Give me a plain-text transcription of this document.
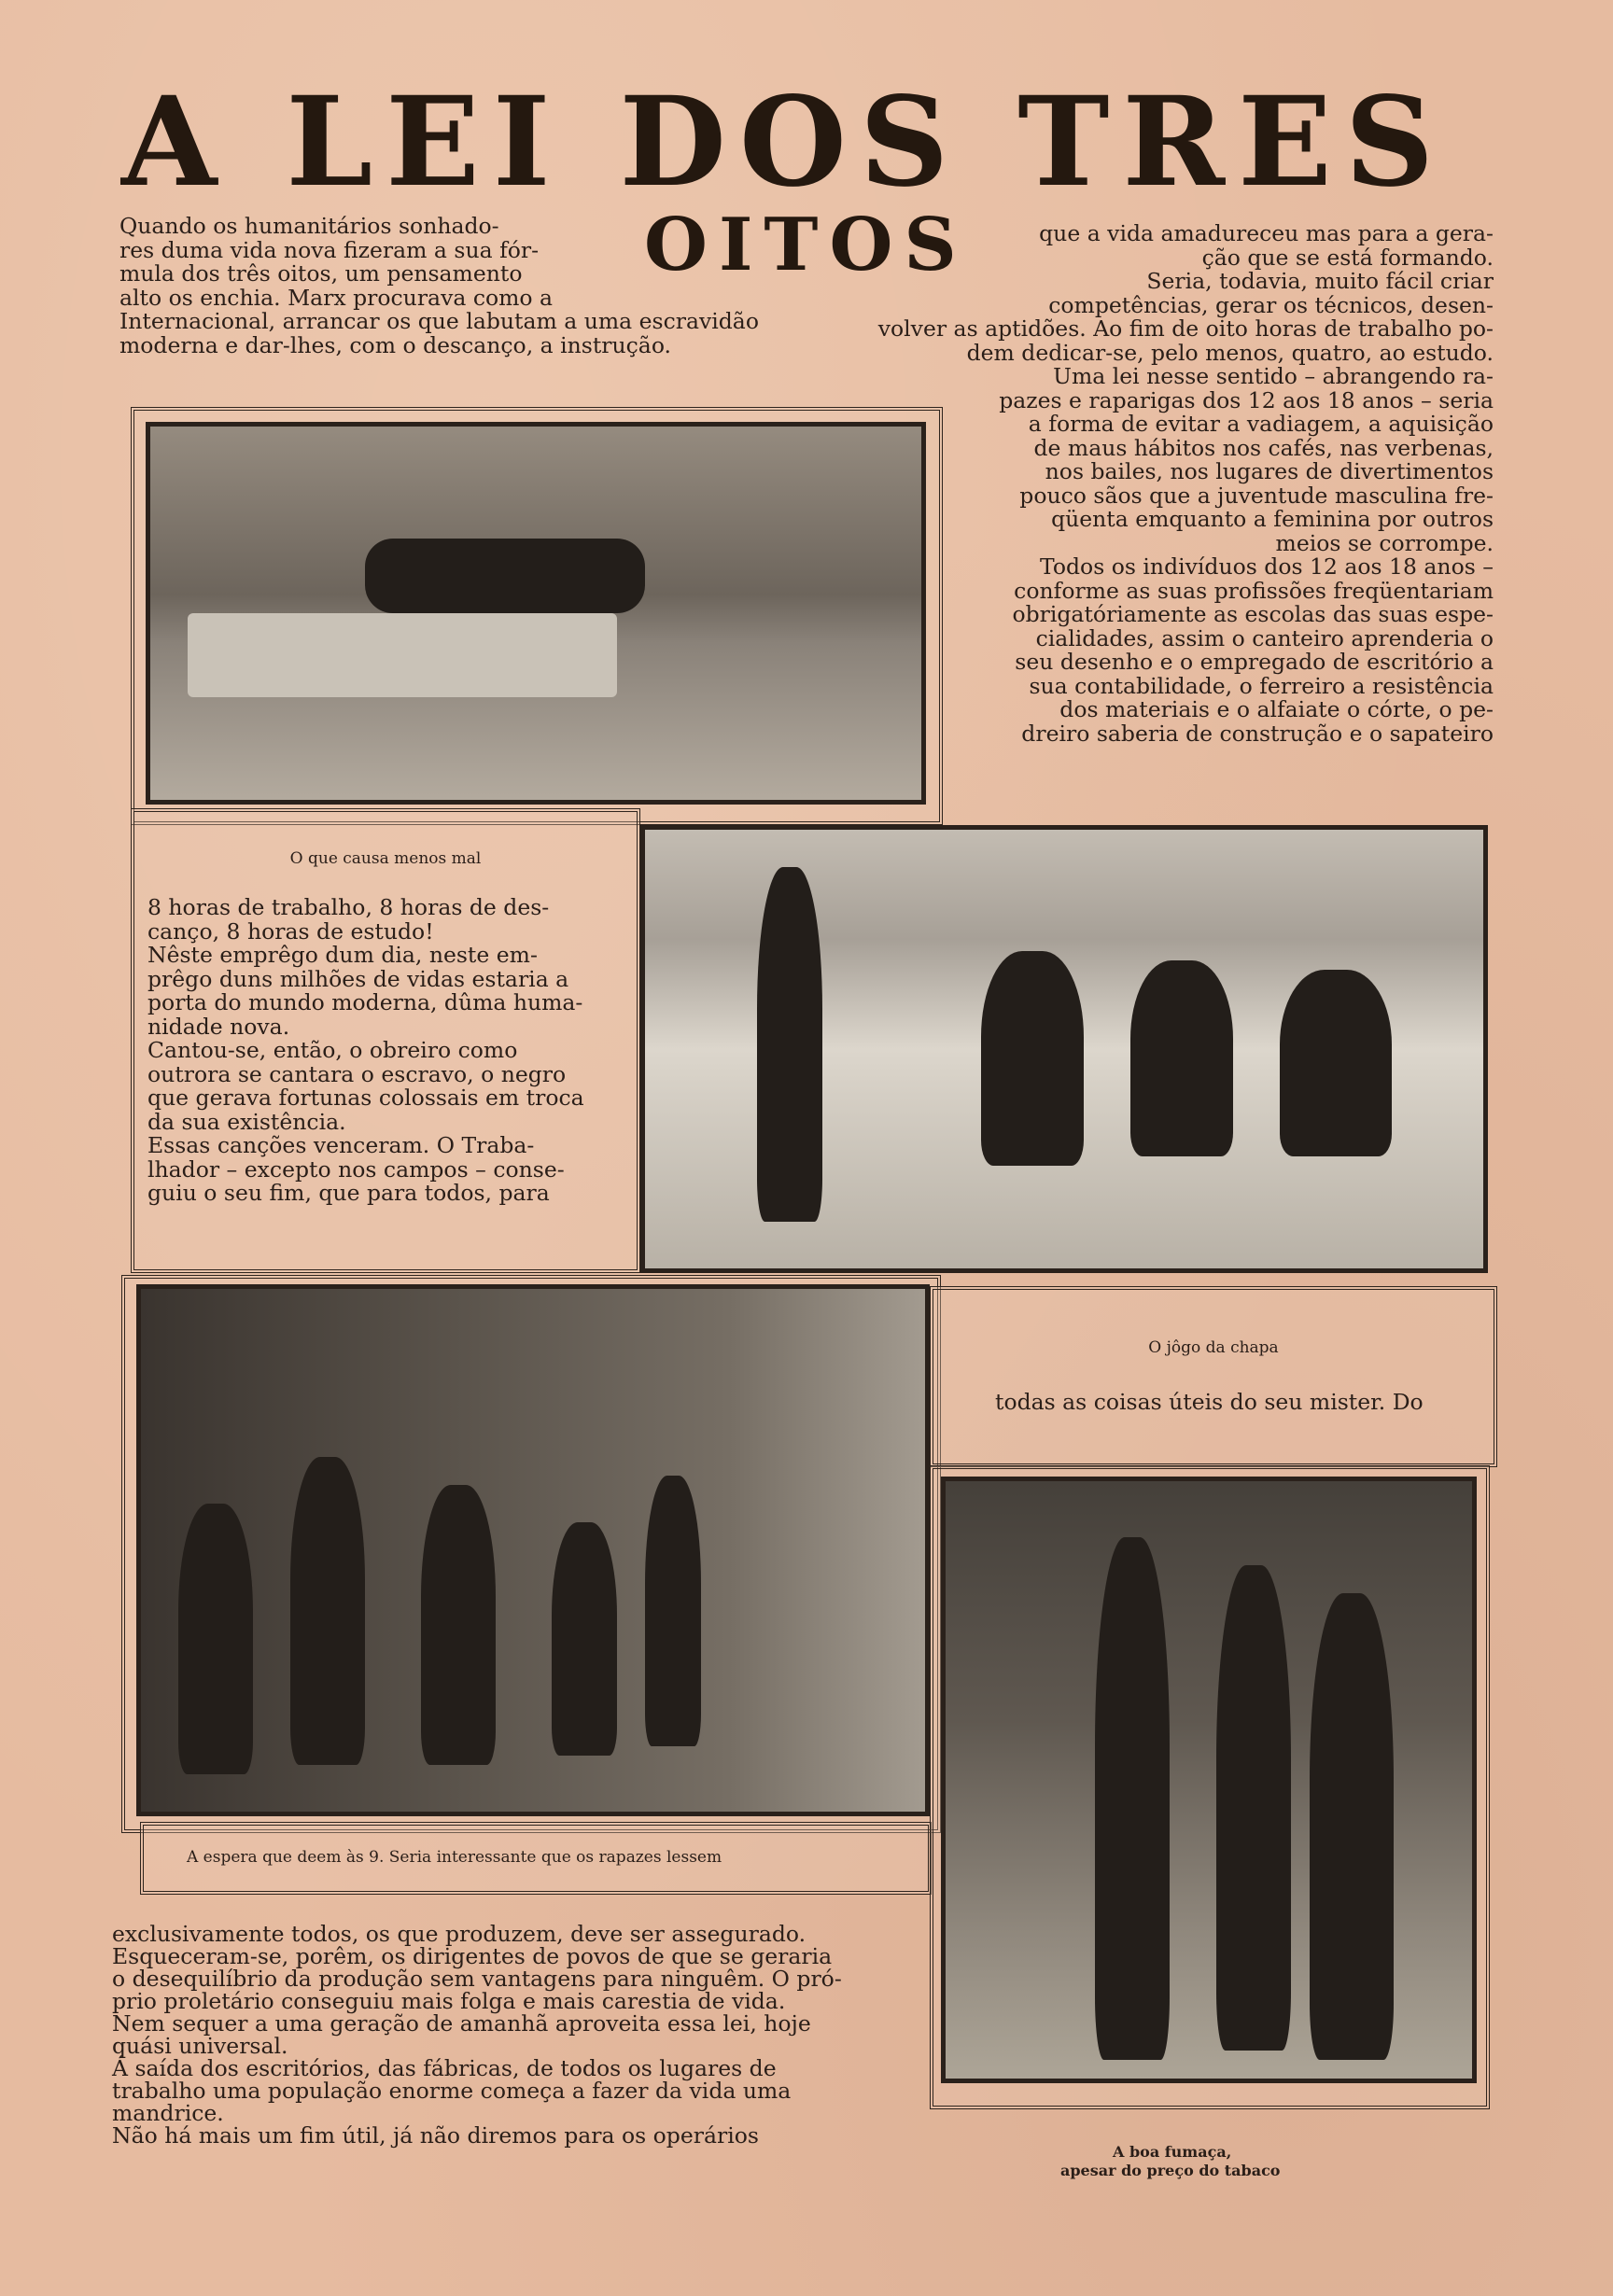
A LEI DOS TRES
OITOS
Quando os humanitários sonhado-
res duma vida nova fizeram a sua fór-
mula dos três oitos, um pensamento
alto os enchia. Marx procurava como a
Internacional, arrancar os que labutam a uma escravidão
moderna e dar-lhes, com o descanço, a instrução.
que a vida amadureceu mas para a gera-
ção que se está formando.
Seria, todavia, muito fácil criar
competências, gerar os técnicos, desen-
volver as aptidões. Ao fim de oito horas de trabalho po-
dem dedicar-se, pelo menos, quatro, ao estudo.
Uma lei nesse sentido – abrangendo ra-
pazes e raparigas dos 12 aos 18 anos – seria
a forma de evitar a vadiagem, a aquisição
de maus hábitos nos cafés, nas verbenas,
nos bailes, nos lugares de divertimentos
pouco sãos que a juventude masculina fre-
qüenta emquanto a feminina por outros
meios se corrompe.
Todos os indivíduos dos 12 aos 18 anos –
conforme as suas profissões freqüentariam
obrigatóriamente as escolas das suas espe-
cialidades, assim o canteiro aprenderia o
seu desenho e o empregado de escritório a
sua contabilidade, o ferreiro a resistência
dos materiais e o alfaiate o córte, o pe-
dreiro saberia de construção e o sapateiro
O que causa menos mal
8 horas de trabalho, 8 horas de des-
canço, 8 horas de estudo!
Nêste emprêgo dum dia, neste em-
prêgo duns milhões de vidas estaria a
porta do mundo moderna, dûma huma-
nidade nova.
Cantou-se, então, o obreiro como
outrora se cantara o escravo, o negro
que gerava fortunas colossais em troca
da sua existência.
Essas canções venceram. O Traba-
lhador – excepto nos campos – conse-
guiu o seu fim, que para todos, para
A espera que deem às 9. Seria interessante que os rapazes lessem
O jôgo da chapa
todas as coisas úteis do seu mister. Do
exclusivamente todos, os que produzem, deve ser assegurado.
Esqueceram-se, porêm, os dirigentes de povos de que se geraria
o desequilíbrio da produção sem vantagens para ninguêm. O pró-
prio proletário conseguiu mais folga e mais carestia de vida.
Nem sequer a uma geração de amanhã aproveita essa lei, hoje
quási universal.
Á saída dos escritórios, das fábricas, de todos os lugares de
trabalho uma população enorme começa a fazer da vida uma
mandrice.
Não há mais um fim útil, já não diremos para os operários
A boa fumaça,
apesar do preço do tabaco
